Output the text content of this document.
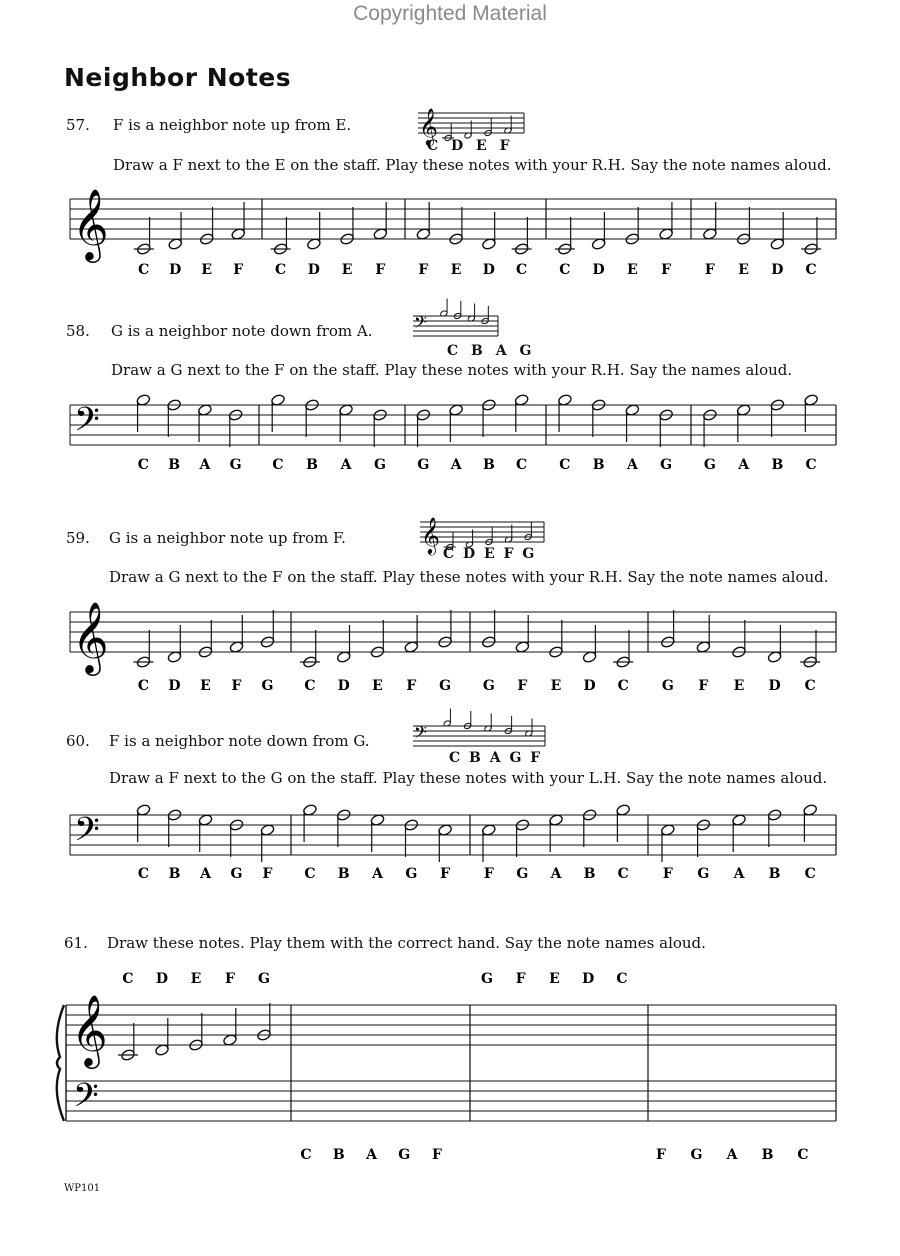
Copyrighted Material
Neighbor Notes
57. F is a neighbor note up from E.
C D E F
Draw a F next to the E on the staff. Play these notes with your R.H. Say the note names aloud.
58. G is a neighbor note down from A.
C B A G
Draw a G next to the F on the staff. Play these notes with your R.H. Say the names aloud.
59. G is a neighbor note up from F.
C D E F G
Draw a G next to the F on the staff. Play these notes with your R.H. Say the note names aloud.
60. F is a neighbor note down from G.
C B A G F
Draw a F next to the G on the staff. Play these notes with your L.H. Say the note names aloud.
61. Draw these notes. Play them with the correct hand. Say the note names aloud.
WP101
𝄞
C D E F C D E F F E D C C D E F F E D C
𝄢
C B A G C B A G G A B C C B A G G A B C
𝄞
C D E F G C D E F G G F E D C G F E D C
𝄢
C B A G F C B A G F F G A B C F G A B C
𝄞
𝄢
𝄞
𝄢
𝄞
𝄢
C D E F G	G F E D C
C B A G F	F G A B C
